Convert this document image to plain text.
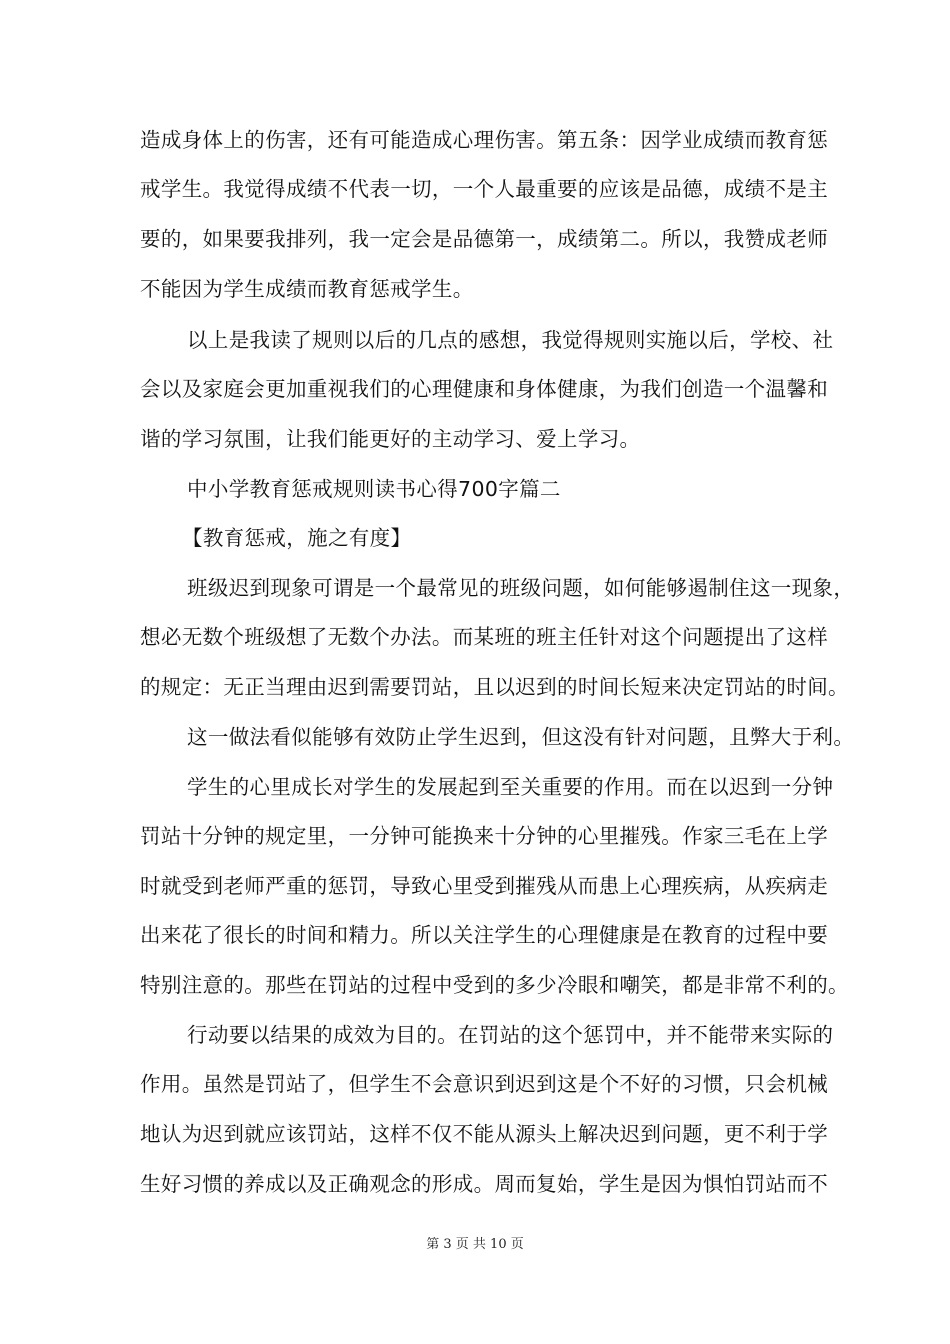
造成身体上的伤害，还有可能造成心理伤害。第五条：因学业成绩而教育惩
戒学生。我觉得成绩不代表一切，一个人最重要的应该是品德，成绩不是主
要的，如果要我排列，我一定会是品德第一，成绩第二。所以，我赞成老师
不能因为学生成绩而教育惩戒学生。
以上是我读了规则以后的几点的感想，我觉得规则实施以后，学校、社
会以及家庭会更加重视我们的心理健康和身体健康，为我们创造一个温馨和
谐的学习氛围，让我们能更好的主动学习、爱上学习。
中小学教育惩戒规则读书心得700字篇二
【教育惩戒，施之有度】
班级迟到现象可谓是一个最常见的班级问题，如何能够遏制住这一现象，
想必无数个班级想了无数个办法。而某班的班主任针对这个问题提出了这样
的规定：无正当理由迟到需要罚站，且以迟到的时间长短来决定罚站的时间。
这一做法看似能够有效防止学生迟到，但这没有针对问题，且弊大于利。
学生的心里成长对学生的发展起到至关重要的作用。而在以迟到一分钟
罚站十分钟的规定里，一分钟可能换来十分钟的心里摧残。作家三毛在上学
时就受到老师严重的惩罚，导致心里受到摧残从而患上心理疾病，从疾病走
出来花了很长的时间和精力。所以关注学生的心理健康是在教育的过程中要
特别注意的。那些在罚站的过程中受到的多少冷眼和嘲笑，都是非常不利的。
行动要以结果的成效为目的。在罚站的这个惩罚中，并不能带来实际的
作用。虽然是罚站了，但学生不会意识到迟到这是个不好的习惯，只会机械
地认为迟到就应该罚站，这样不仅不能从源头上解决迟到问题，更不利于学
生好习惯的养成以及正确观念的形成。周而复始，学生是因为惧怕罚站而不
第 3 页 共 10 页
